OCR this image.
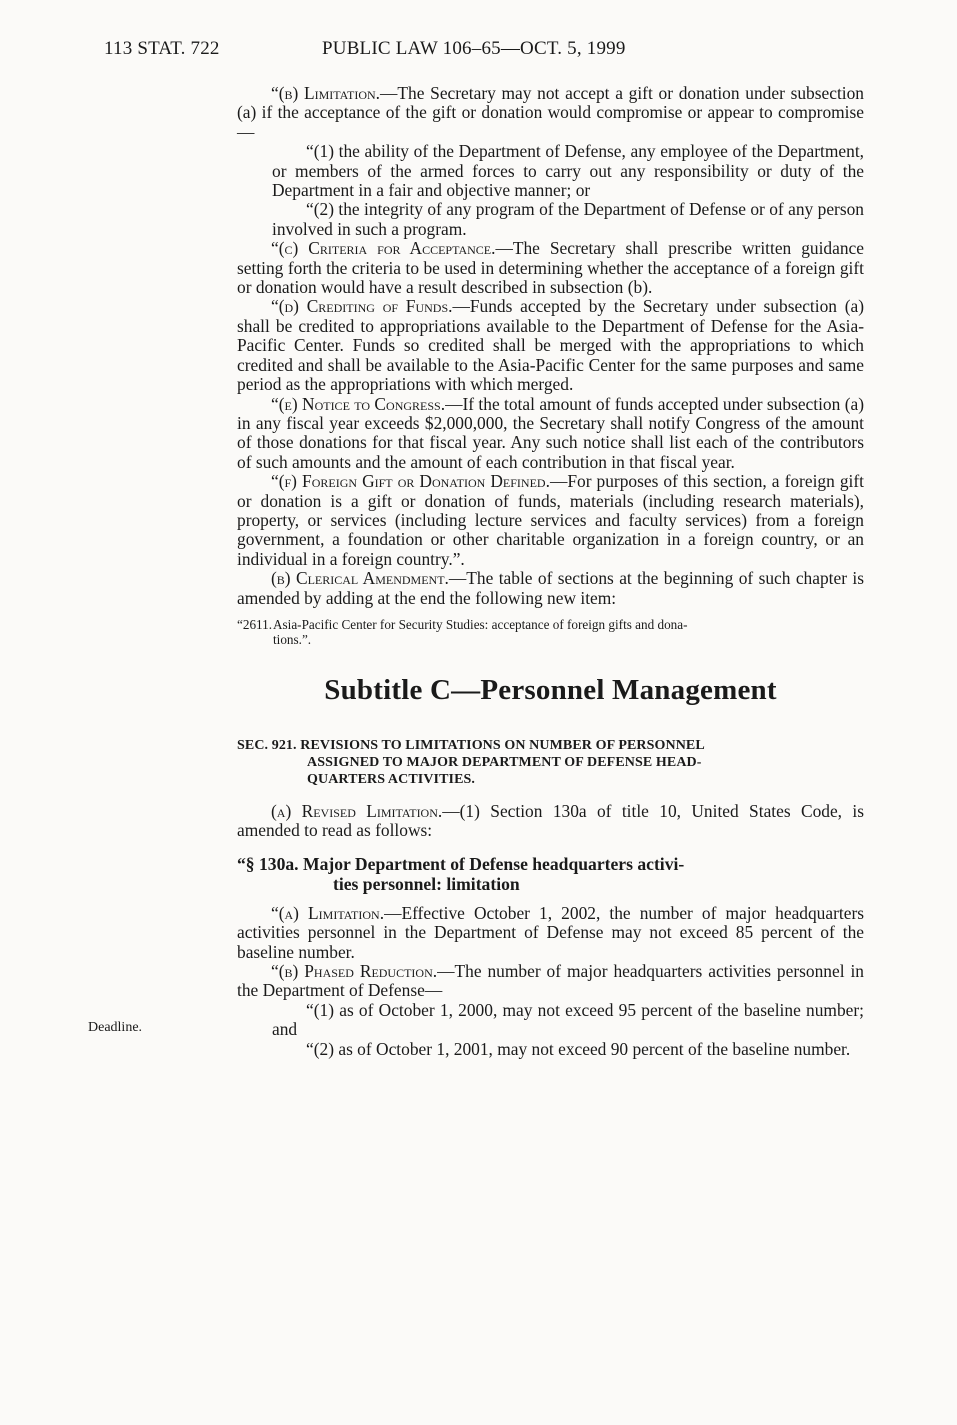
113 STAT. 722	PUBLIC LAW 106–65—OCT. 5, 1999
Deadline.

“(b) Limitation.—The Secretary may not accept a gift or donation under subsection (a) if the acceptance of the gift or donation would compromise or appear to compromise—

“(1) the ability of the Department of Defense, any employee of the Department, or members of the armed forces to carry out any responsibility or duty of the Department in a fair and objective manner; or

“(2) the integrity of any program of the Department of Defense or of any person involved in such a program.

“(c) Criteria for Acceptance.—The Secretary shall prescribe written guidance setting forth the criteria to be used in determining whether the acceptance of a foreign gift or donation would have a result described in subsection (b).

“(d) Crediting of Funds.—Funds accepted by the Secretary under subsection (a) shall be credited to appropriations available to the Department of Defense for the Asia-Pacific Center. Funds so credited shall be merged with the appropriations to which credited and shall be available to the Asia-Pacific Center for the same purposes and same period as the appropriations with which merged.

“(e) Notice to Congress.—If the total amount of funds accepted under subsection (a) in any fiscal year exceeds $2,000,000, the Secretary shall notify Congress of the amount of those donations for that fiscal year. Any such notice shall list each of the contributors of such amounts and the amount of each contribution in that fiscal year.

“(f) Foreign Gift or Donation Defined.—For purposes of this section, a foreign gift or donation is a gift or donation of funds, materials (including research materials), property, or services (including lecture services and faculty services) from a foreign government, a foundation or other charitable organization in a foreign country, or an individual in a foreign country.”.

(b) Clerical Amendment.—The table of sections at the beginning of such chapter is amended by adding at the end the following new item:

“2611.Asia-Pacific Center for Security Studies: acceptance of foreign gifts and dona-
tions.”.
Subtitle C—Personnel Management
SEC. 921. REVISIONS TO LIMITATIONS ON NUMBER OF PERSONNEL
ASSIGNED TO MAJOR DEPARTMENT OF DEFENSE HEAD-
QUARTERS ACTIVITIES.

(a) Revised Limitation.—(1) Section 130a of title 10, United States Code, is amended to read as follows:

“§ 130a. Major Department of Defense headquarters activi-
ties personnel: limitation

“(a) Limitation.—Effective October 1, 2002, the number of major headquarters activities personnel in the Department of Defense may not exceed 85 percent of the baseline number.

“(b) Phased Reduction.—The number of major headquarters activities personnel in the Department of Defense—

“(1) as of October 1, 2000, may not exceed 95 percent of the baseline number; and

“(2) as of October 1, 2001, may not exceed 90 percent of the baseline number.
